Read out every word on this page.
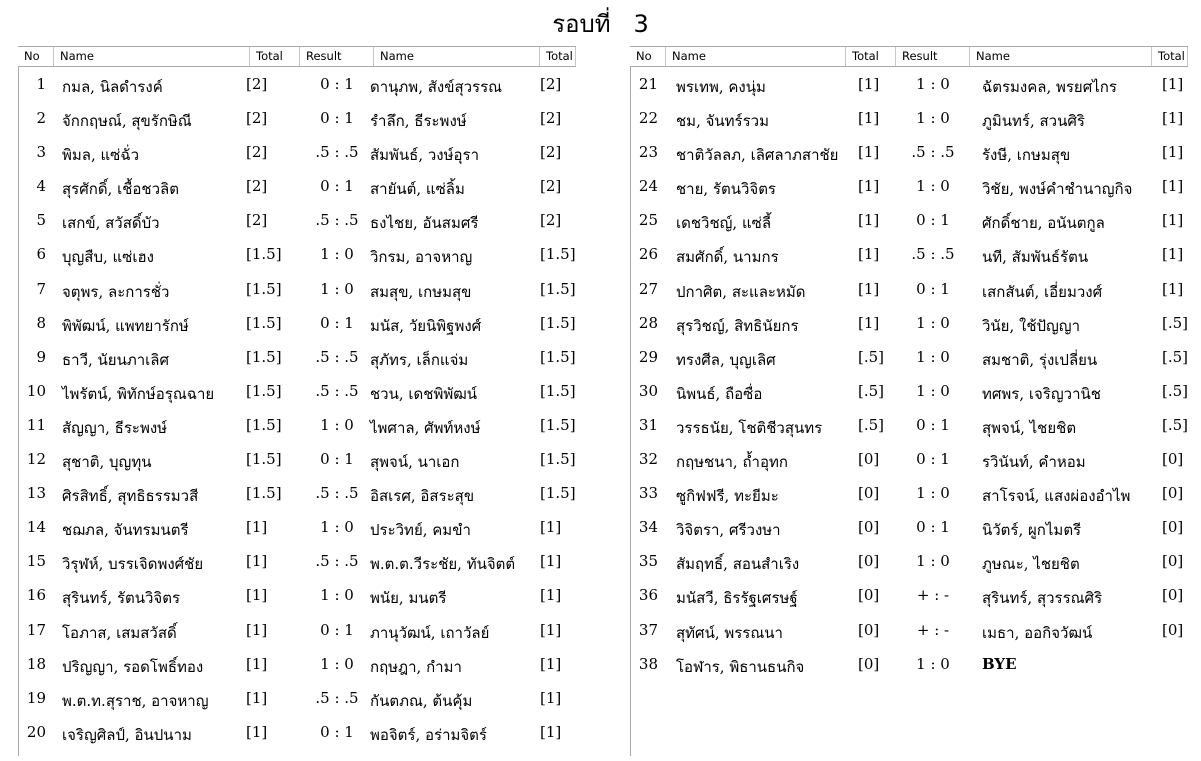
รอบที่   3
No	Name	Total	Result	Name	Total
1 กมล, นิลดำรงค์	[2]	0 : 1	ดานุภพ, สังข์สุวรรณ	[2]
2 จักกฤษณ์, สุขรักษิณี	[2]	0 : 1	รำลึก, ธีระพงษ์	[2]
3 พิมล, แซ่ฉั่ว	[2]	.5 : .5 สัมพันธ์, วงษ์อุรา	[2]
4 สุรศักดิ์, เชื้อชวลิต	[2]	0 : 1	สายันต์, แซ่ลิ้ม	[2]
5 เสกข์, สวัสดิ์บัว	[2]	.5 : .5 ธงไชย, อันสมศรี	[2]
6 บุญสืบ, แซ่เฮง	[1.5]	1 : 0	วิกรม, อาจหาญ	[1.5]
7 จตุพร, ละการชั่ว	[1.5]	1 : 0	สมสุข, เกษมสุข	[1.5]
8 พิพัฒน์, แพทยารักษ์	[1.5]	0 : 1	มนัส, วัยนิพิฐพงศ์	[1.5]
9 ธาวี, นัยนภาเลิศ	[1.5]	.5 : .5 สุภัทร, เล็กแจ่ม	[1.5]
10 ไพรัตน์, พิทักษ์อรุณฉาย [1.5]	.5 : .5 ชวน, เดชพิพัฒน์	[1.5]
11 สัญญา, ธีระพงษ์	[1.5]	1 : 0	ไพศาล, ศัพท์หงษ์	[1.5]
12 สุชาติ, บุญทุน	[1.5]	0 : 1	สุพจน์, นาเอก	[1.5]
13 ศิรสิทธิ์, สุทธิธรรมวสี	[1.5]	.5 : .5 อิสเรศ, อิสระสุข	[1.5]
14 ชฌภล, จันทรมนตรี	[1]	1 : 0	ประวิทย์, คมขำ	[1]
15 วิรุฬห์, บรรเจิดพงศ์ชัย	[1]	.5 : .5 พ.ต.ต.วีระชัย, ทันจิตต์ [1]
16 สุรินทร์, รัตนวิจิตร	[1]	1 : 0	พนัย, มนตรี	[1]
17 โอภาส, เสมสวัสดิ์	[1]	0 : 1	ภานุวัฒน์, เถาวัลย์	[1]
18 ปริญญา, รอดโพธิ์ทอง	[1]	1 : 0	กฤษฎา, กำมา	[1]
19 พ.ต.ท.สุราช, อาจหาญ	[1]	.5 : .5 กันตภณ, ต้นคุ้ม	[1]
20 เจริญศิลป์, อินปนาม	[1]	0 : 1	พอจิตร์, อร่ามจิตร์	[1]
No	Name	Total	Result	Name	Total
21 พรเทพ, คงนุ่ม	[1]	1 : 0	ฉัตรมงคล, พรยศไกร	[1]
22 ชม, จันทร์รวม	[1]	1 : 0	ภูมินทร์, สวนศิริ	[1]
23 ชาติวัลลภ, เลิศลาภสาชัย [1]	.5 : .5	รังษี, เกษมสุข	[1]
24 ชาย, รัตนวิจิตร	[1]	1 : 0	วิชัย, พงษ์คำชำนาญกิจ [1]
25 เดชวิชญ์, แซ่ลี้	[1]	0 : 1	ศักดิ์ชาย, อนันตกูล	[1]
26 สมศักดิ์, นามกร	[1]	.5 : .5	นที, สัมพันธ์รัตน	[1]
27 ปกาศิต, สะและหมัด	[1]	0 : 1	เสกสันต์, เอี่ยมวงศ์	[1]
28 สุรวิชญ์, สิทธินัยกร	[1]	1 : 0	วินัย, ใช้ปัญญา	[.5]
29 ทรงศีล, บุญเลิศ	[.5]	1 : 0	สมชาติ, รุ่งเปลี่ยน	[.5]
30 นิพนธ์, ถือซื่อ	[.5]	1 : 0	ทศพร, เจริญวานิช	[.5]
31 วรรธนัย, โชติชีวสุนทร [.5]	0 : 1	สุพจน์, ไชยชิต	[.5]
32 กฤษชนา, ถ้ำอุทก	[0]	0 : 1	รวินันท์, คำหอม	[0]
33 ซูกิฟฟรี, ทะยีมะ	[0]	1 : 0	สาโรจน์, แสงผ่องอำไพ [0]
34 วิจิตรา, ศรีวงษา	[0]	0 : 1	นิวัตร์, ผูกไมตรี	[0]
35 สัมฤทธิ์, สอนสำเริง	[0]	1 : 0	ภูษณะ, ไชยชิต	[0]
36 มนัสวี, ธิรรัฐเศรษฐ์	[0]	+ : -	สุรินทร์, สุวรรณศิริ	[0]
37 สุทัศน์, พรรณนา	[0]	+ : -	เมธา, ออกิจวัฒน์	[0]
38 โอฬาร, พิธานธนกิจ	[0]	1 : 0	BYE
